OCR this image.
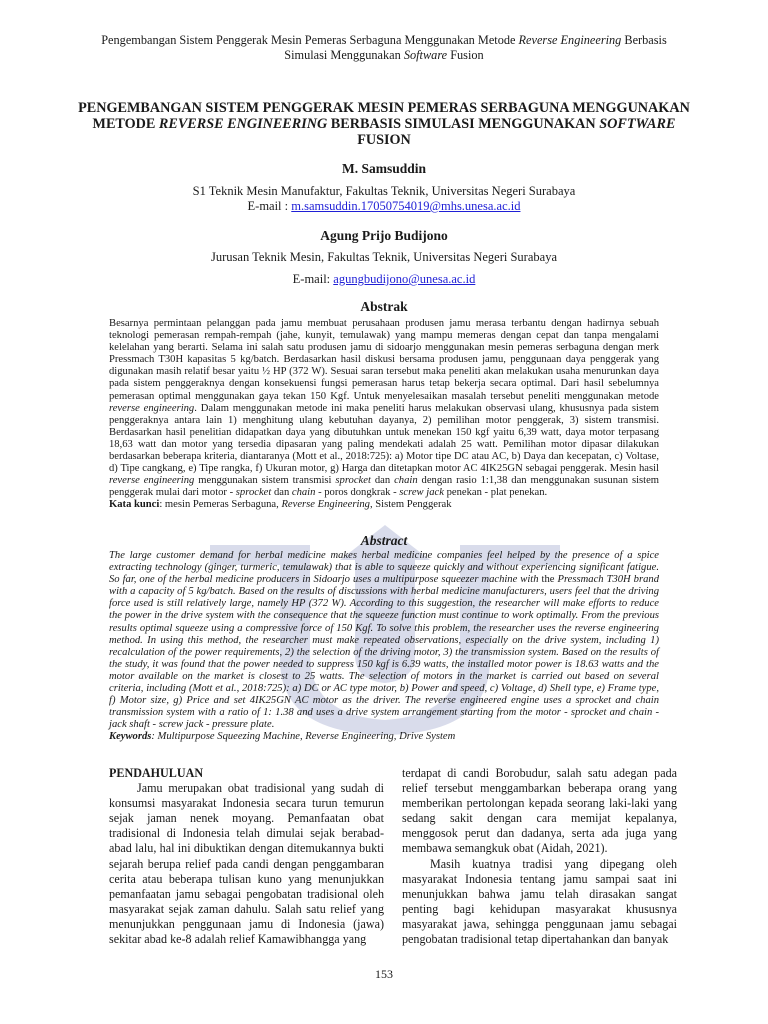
Pengembangan Sistem Penggerak Mesin Pemeras Serbaguna Menggunakan Metode Reverse Engineering Berbasis
Simulasi Menggunakan Software Fusion
PENGEMBANGAN SISTEM PENGGERAK MESIN PEMERAS SERBAGUNA MENGGUNAKAN
METODE REVERSE ENGINEERING BERBASIS SIMULASI MENGGUNAKAN SOFTWARE
FUSION
M. Samsuddin
S1 Teknik Mesin Manufaktur, Fakultas Teknik, Universitas Negeri Surabaya
E-mail : m.samsuddin.17050754019@mhs.unesa.ac.id
Agung Prijo Budijono
Jurusan Teknik Mesin, Fakultas Teknik, Universitas Negeri Surabaya
E-mail: agungbudijono@unesa.ac.id
Abstrak
Besarnya permintaan pelanggan pada jamu membuat perusahaan produsen jamu merasa terbantu dengan hadirnya sebuah teknologi pemerasan rempah-rempah (jahe, kunyit, temulawak) yang mampu memeras dengan cepat dan tanpa mengalami kelelahan yang berarti. Selama ini salah satu produsen jamu di sidoarjo menggunakan mesin pemeras serbaguna dengan merk Pressmach T30H kapasitas 5 kg/batch. Berdasarkan hasil diskusi bersama produsen jamu, penggunaan daya penggerak yang digunakan masih relatif besar yaitu ½ HP (372 W). Sesuai saran tersebut maka peneliti akan melakukan usaha menurunkan daya pada sistem penggeraknya dengan konsekuensi fungsi pemerasan harus tetap bekerja secara optimal. Dari hasil sebelumnya pemerasan optimal menggunakan gaya tekan 150 Kgf. Untuk menyelesaikan masalah tersebut peneliti menggunakan metode reverse engineering. Dalam menggunakan metode ini maka peneliti harus melakukan observasi ulang, khususnya pada sistem penggeraknya antara lain 1) menghitung ulang kebutuhan dayanya, 2) pemilihan motor penggerak, 3) sistem transmisi. Berdasarkan hasil penelitian didapatkan daya yang dibutuhkan untuk menekan 150 kgf yaitu 6,39 watt, daya motor terpasang 18,63 watt dan motor yang tersedia dipasaran yang paling mendekati adalah 25 watt. Pemilihan motor dipasar dilakukan berdasarkan beberapa kriteria, diantaranya (Mott et al., 2018:725): a) Motor tipe DC atau AC, b) Daya dan kecepatan, c) Voltase, d) Tipe cangkang, e) Tipe rangka, f) Ukuran motor, g) Harga dan ditetapkan motor AC 4IK25GN sebagai penggerak. Mesin hasil reverse engineering menggunakan sistem transmisi sprocket dan chain dengan rasio 1:1,38 dan menggunakan susunan sistem penggerak mulai dari motor - sprocket dan chain - poros dongkrak - screw jack penekan - plat penekan.
Kata kunci: mesin Pemeras Serbaguna, Reverse Engineering, Sistem Penggerak
Abstract
The large customer demand for herbal medicine makes herbal medicine companies feel helped by the presence of a spice extracting technology (ginger, turmeric, temulawak) that is able to squeeze quickly and without experiencing significant fatigue. So far, one of the herbal medicine producers in Sidoarjo uses a multipurpose squeezer machine with the Pressmach T30H brand with a capacity of 5 kg/batch. Based on the results of discussions with herbal medicine manufacturers, users feel that the driving force used is still relatively large, namely HP (372 W). According to this suggestion, the researcher will make efforts to reduce the power in the drive system with the consequence that the squeeze function must continue to work optimally. From the previous results optimal squeeze using a compressive force of 150 Kgf. To solve this problem, the researcher uses the reverse engineering method. In using this method, the researcher must make repeated observations, especially on the drive system, including 1) recalculation of the power requirements, 2) the selection of the driving motor, 3) the transmission system. Based on the results of the study, it was found that the power needed to suppress 150 kgf is 6.39 watts, the installed motor power is 18.63 watts and the motor available on the market is closest to 25 watts. The selection of motors in the market is carried out based on several criteria, including (Mott et al., 2018:725): a) DC or AC type motor, b) Power and speed, c) Voltage, d) Shell type, e) Frame type, f) Motor size, g) Price and set 4IK25GN AC motor as the driver. The reverse engineered engine uses a sprocket and chain transmission system with a ratio of 1: 1.38 and uses a drive system arrangement starting from the motor - sprocket and chain - jack shaft - screw jack - pressure plate.
Keywords: Multipurpose Squeezing Machine, Reverse Engineering, Drive System

PENDAHULUAN

Jamu merupakan obat tradisional yang sudah di konsumsi masyarakat Indonesia secara turun temurun sejak jaman nenek moyang. Pemanfaatan obat tradisional di Indonesia telah dimulai sejak berabad-abad lalu, hal ini dibuktikan dengan ditemukannya bukti sejarah berupa relief pada candi dengan penggambaran cerita atau beberapa tulisan kuno yang menunjukkan pemanfaatan jamu sebagai pengobatan tradisional oleh masyarakat sejak zaman dahulu. Salah satu relief yang menunjukkan penggunaan jamu di Indonesia (jawa) sekitar abad ke-8 adalah relief Kamawibhangga yang

terdapat di candi Borobudur, salah satu adegan pada relief tersebut menggambarkan beberapa orang yang memberikan pertolongan kepada seorang laki-laki yang sedang sakit dengan cara memijat kepalanya, menggosok perut dan dadanya, serta ada juga yang membawa semangkuk obat (Aidah, 2021).

Masih kuatnya tradisi yang dipegang oleh masyarakat Indonesia tentang jamu sampai saat ini menunjukkan bahwa jamu telah dirasakan sangat penting bagi kehidupan masyarakat khususnya masyarakat jawa, sehingga penggunaan jamu sebagai pengobatan tradisional tetap dipertahankan dan banyak

153
